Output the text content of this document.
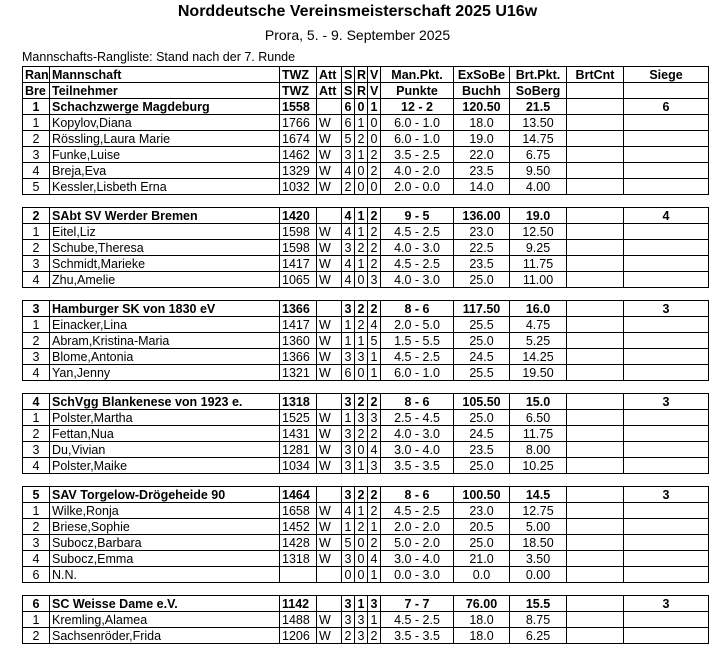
Norddeutsche Vereinsmeisterschaft 2025 U16w
Prora, 5. - 9. September 2025
Mannschafts-Rangliste: Stand nach der 7. Runde
Ran	Mannschaft	TWZ	Att	S	R	V	Man.Pkt.	ExSoBe	Brt.Pkt.	BrtCnt	Siege
Bre	Teilnehmer	TWZ	Att	S	R	V	Punkte	Buchh	SoBerg		
1	Schachzwerge Magdeburg	1558		6	0	1	12 - 2	120.50	21.5		6
1	Kopylov,Diana	1766	W	6	1	0	6.0 - 1.0	18.0	13.50		
2	Rössling,Laura Marie	1674	W	5	2	0	6.0 - 1.0	19.0	14.75		
3	Funke,Luise	1462	W	3	1	2	3.5 - 2.5	22.0	6.75		
4	Breja,Eva	1329	W	4	0	2	4.0 - 2.0	23.5	9.50		
5	Kessler,Lisbeth Erna	1032	W	2	0	0	2.0 - 0.0	14.0	4.00		

2	SAbt SV Werder Bremen	1420		4	1	2	9 - 5	136.00	19.0		4
1	Eitel,Liz	1598	W	4	1	2	4.5 - 2.5	23.0	12.50		
2	Schube,Theresa	1598	W	3	2	2	4.0 - 3.0	22.5	9.25		
3	Schmidt,Marieke	1417	W	4	1	2	4.5 - 2.5	23.5	11.75		
4	Zhu,Amelie	1065	W	4	0	3	4.0 - 3.0	25.0	11.00		

3	Hamburger SK von 1830 eV	1366		3	2	2	8 - 6	117.50	16.0		3
1	Einacker,Lina	1417	W	1	2	4	2.0 - 5.0	25.5	4.75		
2	Abram,Kristina-Maria	1360	W	1	1	5	1.5 - 5.5	25.0	5.25		
3	Blome,Antonia	1366	W	3	3	1	4.5 - 2.5	24.5	14.25		
4	Yan,Jenny	1321	W	6	0	1	6.0 - 1.0	25.5	19.50		

4	SchVgg Blankenese von 1923 e.	1318		3	2	2	8 - 6	105.50	15.0		3
1	Polster,Martha	1525	W	1	3	3	2.5 - 4.5	25.0	6.50		
2	Fettan,Nua	1431	W	3	2	2	4.0 - 3.0	24.5	11.75		
3	Du,Vivian	1281	W	3	0	4	3.0 - 4.0	23.5	8.00		
4	Polster,Maike	1034	W	3	1	3	3.5 - 3.5	25.0	10.25		

5	SAV Torgelow-Drögeheide 90	1464		3	2	2	8 - 6	100.50	14.5		3
1	Wilke,Ronja	1658	W	4	1	2	4.5 - 2.5	23.0	12.75		
2	Briese,Sophie	1452	W	1	2	1	2.0 - 2.0	20.5	5.00		
3	Subocz,Barbara	1428	W	5	0	2	5.0 - 2.0	25.0	18.50		
4	Subocz,Emma	1318	W	3	0	4	3.0 - 4.0	21.0	3.50		
6	N.N.			0	0	1	0.0 - 3.0	0.0	0.00		

6	SC Weisse Dame e.V.	1142		3	1	3	7 - 7	76.00	15.5		3
1	Kremling,Alamea	1488	W	3	3	1	4.5 - 2.5	18.0	8.75		
2	Sachsenröder,Frida	1206	W	2	3	2	3.5 - 3.5	18.0	6.25		
